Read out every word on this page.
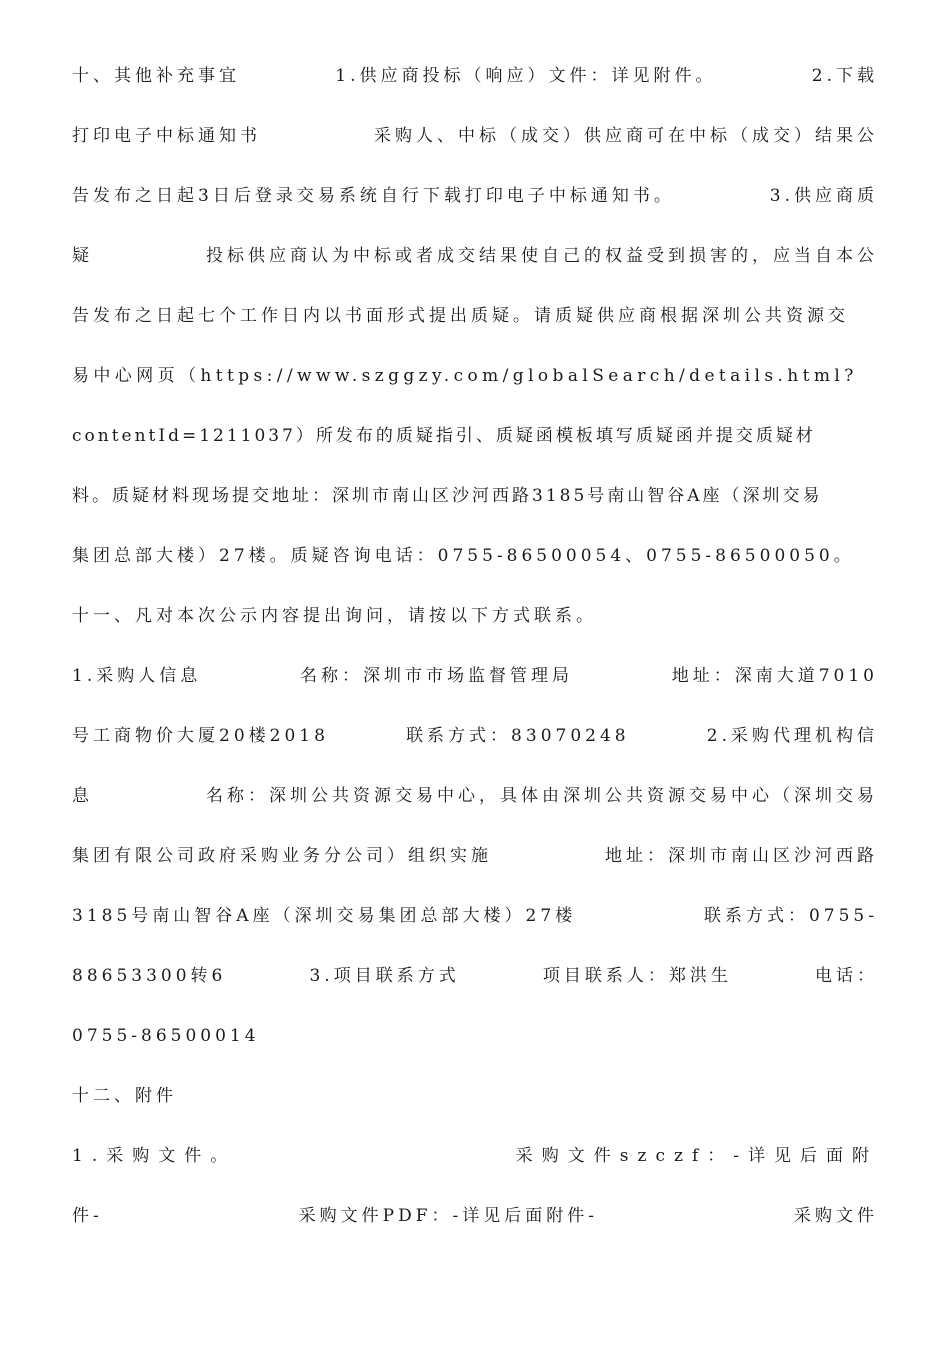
十、其他补充事宜	1.供应商投标（响应）文件：详见附件。	2.下载
打印电子中标通知书	采购人、中标（成交）供应商可在中标（成交）结果公
告发布之日起3日后登录交易系统自行下载打印电子中标通知书。	3.供应商质
疑	投标供应商认为中标或者成交结果使自己的权益受到损害的，应当自本公
告发布之日起七个工作日内以书面形式提出质疑。请质疑供应商根据深圳公共资源交
易中心网页（https://www.szggzy.com/globalSearch/details.html?
contentId=1211037）所发布的质疑指引、质疑函模板填写质疑函并提交质疑材
料。质疑材料现场提交地址：深圳市南山区沙河西路3185号南山智谷A座（深圳交易
集团总部大楼）27楼。质疑咨询电话：0755-86500054、0755-86500050。
十一、凡对本次公示内容提出询问，请按以下方式联系。
1.采购人信息	名称：深圳市市场监督管理局	地址：深南大道7010
号工商物价大厦20楼2018	联系方式：83070248	2.采购代理机构信
息	名称：深圳公共资源交易中心，具体由深圳公共资源交易中心（深圳交易
集团有限公司政府采购业务分公司）组织实施	地址：深圳市南山区沙河西路
3185号南山智谷A座（深圳交易集团总部大楼）27楼	联系方式：0755-
88653300转6	3.项目联系方式	项目联系人：郑洪生	电话：
0755-86500014
十二、附件
1.采购文件。	采购文件szczf：-详见后面附
件-	采购文件PDF：-详见后面附件-	采购文件
